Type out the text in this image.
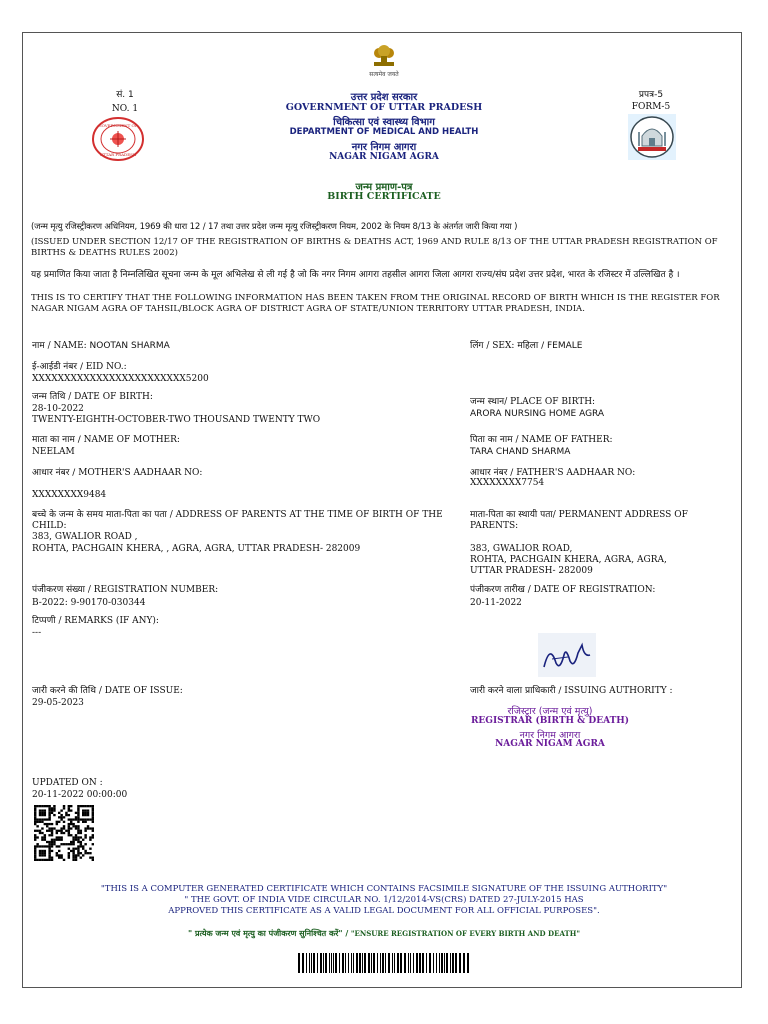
सत्यमेव जयते
सं. 1
NO. 1
प्रपत्र-5
FORM-5
GOVERNMENT OF
UTTAR PRADESH
उत्तर प्रदेश सरकार
GOVERNMENT OF UTTAR PRADESH
चिकित्सा एवं स्वास्थ्य विभाग
DEPARTMENT OF MEDICAL AND HEALTH
नगर निगम आगरा
NAGAR NIGAM AGRA
जन्म प्रमाण-पत्र
BIRTH CERTIFICATE
(जन्म मृत्यु रजिस्ट्रीकरण अधिनियम, 1969 की धारा 12 / 17 तथा उत्तर प्रदेश जन्म मृत्यु रजिस्ट्रीकरण नियम, 2002 के नियम 8/13 के अंतर्गत जारी किया गया )
(ISSUED UNDER SECTION 12/17 OF THE REGISTRATION OF BIRTHS & DEATHS ACT, 1969 AND RULE 8/13 OF THE UTTAR PRADESH REGISTRATION OF BIRTHS & DEATHS RULES 2002)
यह प्रमाणित किया जाता है निम्नलिखित सूचना जन्म के मूल अभिलेख से ली गई है जो कि नगर निगम आगरा तहसील आगरा जिला आगरा राज्य/संघ प्रदेश उत्तर प्रदेश, भारत के रजिस्टर में उल्लिखित है ।
THIS IS TO CERTIFY THAT THE FOLLOWING INFORMATION HAS BEEN TAKEN FROM THE ORIGINAL RECORD OF BIRTH WHICH IS THE REGISTER FOR NAGAR NIGAM AGRA OF TAHSIL/BLOCK AGRA OF DISTRICT AGRA OF STATE/UNION TERRITORY UTTAR PRADESH, INDIA.
नाम / NAME: NOOTAN SHARMA	लिंग / SEX: महिला / FEMALE
ई-आईडी नंबर / EID NO.:
XXXXXXXXXXXXXXXXXXXXXXXX5200
जन्म तिथि / DATE OF BIRTH:
28-10-2022
TWENTY-EIGHTH-OCTOBER-TWO THOUSAND TWENTY TWO
जन्म स्थान/ PLACE OF BIRTH:
ARORA NURSING HOME AGRA
माता का नाम / NAME OF MOTHER:
NEELAM
पिता का नाम / NAME OF FATHER:
TARA CHAND SHARMA
आधार नंबर / MOTHER'S AADHAAR NO:
XXXXXXXX9484
आधार नंबर / FATHER'S AADHAAR NO:
XXXXXXXX7754
बच्चे के जन्म के समय माता-पिता का पता / ADDRESS OF PARENTS AT THE TIME OF BIRTH OF THE CHILD:
383, GWALIOR ROAD ,
ROHTA, PACHGAIN KHERA, , AGRA, AGRA, UTTAR PRADESH- 282009
माता-पिता का स्थायी पता/ PERMANENT ADDRESS OF PARENTS:
383, GWALIOR ROAD,
ROHTA, PACHGAIN KHERA, AGRA, AGRA,
UTTAR PRADESH- 282009
पंजीकरण संख्या / REGISTRATION NUMBER:
B-2022: 9-90170-030344
पंजीकरण तारीख / DATE OF REGISTRATION:
20-11-2022
टिप्पणी / REMARKS (IF ANY):
---
जारी करने की तिथि / DATE OF ISSUE:
29-05-2023
जारी करने वाला प्राधिकारी / ISSUING AUTHORITY :
रजिस्ट्रार (जन्म एवं मृत्यु)
REGISTRAR (BIRTH & DEATH)
नगर निगम आगरा
NAGAR NIGAM AGRA
UPDATED ON :
20-11-2022 00:00:00
"THIS IS A COMPUTER GENERATED CERTIFICATE WHICH CONTAINS FACSIMILE SIGNATURE OF THE ISSUING AUTHORITY"
" THE GOVT. OF INDIA VIDE CIRCULAR NO. 1/12/2014-VS(CRS) DATED 27-JULY-2015 HAS
APPROVED THIS CERTIFICATE AS A VALID LEGAL DOCUMENT FOR ALL OFFICIAL PURPOSES".
" प्रत्येक जन्म एवं मृत्यु का पंजीकरण सुनिश्चित करें" / "ENSURE REGISTRATION OF EVERY BIRTH AND DEATH"
